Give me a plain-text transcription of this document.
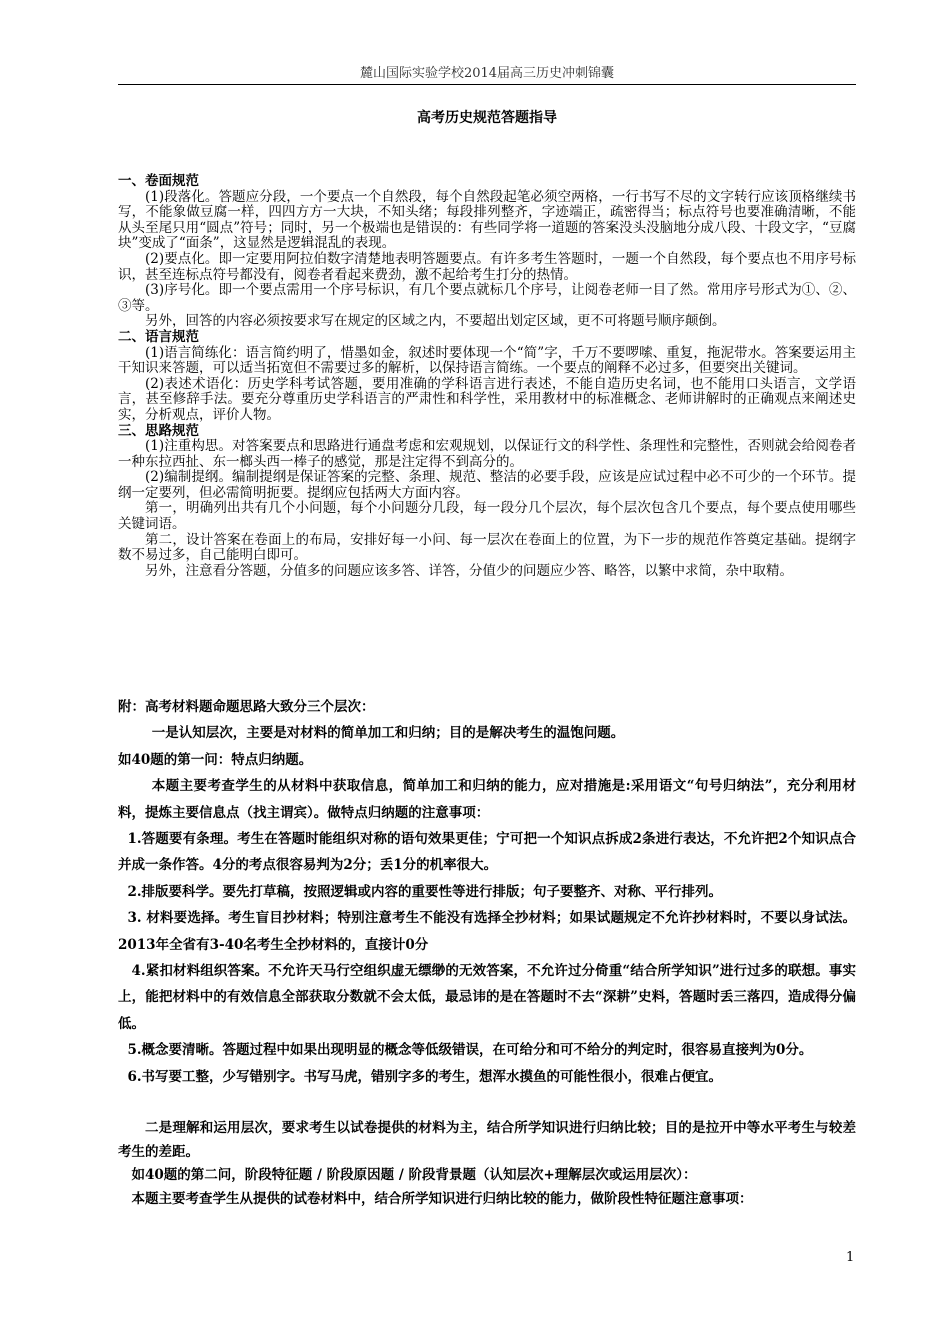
麓山国际实验学校2014届高三历史冲刺锦囊
高考历史规范答题指导

一、卷面规范

(1)段落化。答题应分段，一个要点一个自然段，每个自然段起笔必须空两格，一行书写不尽的文字转行应该顶格继续书写，不能象做豆腐一样，四四方方一大块，不知头绪；每段排列整齐，字迹端正，疏密得当；标点符号也要准确清晰，不能从头至尾只用“圆点”符号；同时，另一个极端也是错误的：有些同学将一道题的答案没头没脑地分成八段、十段文字，“豆腐块”变成了“面条”，这显然是逻辑混乱的表现。

(2)要点化。即一定要用阿拉伯数字清楚地表明答题要点。有许多考生答题时，一题一个自然段，每个要点也不用序号标识，甚至连标点符号都没有，阅卷者看起来费劲，激不起给考生打分的热情。

(3)序号化。即一个要点需用一个序号标识，有几个要点就标几个序号，让阅卷老师一目了然。常用序号形式为①、②、③等。

另外，回答的内容必须按要求写在规定的区域之内，不要超出划定区域，更不可将题号顺序颠倒。

二、语言规范

(1)语言简练化：语言简约明了，惜墨如金，叙述时要体现一个“简”字，千万不要啰嗦、重复，拖泥带水。答案要运用主干知识来答题，可以适当拓宽但不需要过多的解析，以保持语言简练。一个要点的阐释不必过多，但要突出关键词。

(2)表述术语化：历史学科考试答题，要用准确的学科语言进行表述，不能自造历史名词，也不能用口头语言，文学语言，甚至修辞手法。要充分尊重历史学科语言的严肃性和科学性，采用教材中的标准概念、老师讲解时的正确观点来阐述史实，分析观点，评价人物。

三、思路规范

(1)注重构思。对答案要点和思路进行通盘考虑和宏观规划，以保证行文的科学性、条理性和完整性，否则就会给阅卷者一种东拉西扯、东一榔头西一棒子的感觉，那是注定得不到高分的。

(2)编制提纲。编制提纲是保证答案的完整、条理、规范、整洁的必要手段，应该是应试过程中必不可少的一个环节。提纲一定要列，但必需简明扼要。提纲应包括两大方面内容。

第一，明确列出共有几个小问题，每个小问题分几段，每一段分几个层次，每个层次包含几个要点，每个要点使用哪些关键词语。

第二，设计答案在卷面上的布局，安排好每一小问、每一层次在卷面上的位置，为下一步的规范作答奠定基础。提纲字数不易过多，自己能明白即可。

另外，注意看分答题，分值多的问题应该多答、详答，分值少的问题应少答、略答，以繁中求简，杂中取精。

附：高考材料题命题思路大致分三个层次：

一是认知层次，主要是对材料的简单加工和归纳；目的是解决考生的温饱问题。

如40题的第一问：特点归纳题。

本题主要考查学生的从材料中获取信息，简单加工和归纳的能力，应对措施是:采用语文“句号归纳法”，充分利用材料，提炼主要信息点（找主谓宾）。做特点归纳题的注意事项：

1.答题要有条理。考生在答题时能组织对称的语句效果更佳；宁可把一个知识点拆成2条进行表达，不允许把2个知识点合并成一条作答。4分的考点很容易判为2分；丢1分的机率很大。

2.排版要科学。要先打草稿，按照逻辑或内容的重要性等进行排版；句子要整齐、对称、平行排列。

3. 材料要选择。考生盲目抄材料；特别注意考生不能没有选择全抄材料；如果试题规定不允许抄材料时，不要以身试法。2013年全省有3-40名考生全抄材料的，直接计0分

4.紧扣材料组织答案。不允许天马行空组织虚无缥缈的无效答案，不允许过分倚重“结合所学知识”进行过多的联想。事实上，能把材料中的有效信息全部获取分数就不会太低，最忌讳的是在答题时不去“深耕”史料，答题时丢三落四，造成得分偏低。

5.概念要清晰。答题过程中如果出现明显的概念等低级错误，在可给分和可不给分的判定时，很容易直接判为0分。

6.书写要工整，少写错别字。书写马虎，错别字多的考生，想浑水摸鱼的可能性很小，很难占便宜。

二是理解和运用层次，要求考生以试卷提供的材料为主，结合所学知识进行归纳比较；目的是拉开中等水平考生与较差考生的差距。

如40题的第二问，阶段特征题 / 阶段原因题 / 阶段背景题（认知层次+理解层次或运用层次）：

本题主要考查学生从提供的试卷材料中，结合所学知识进行归纳比较的能力，做阶段性特征题注意事项：

1
